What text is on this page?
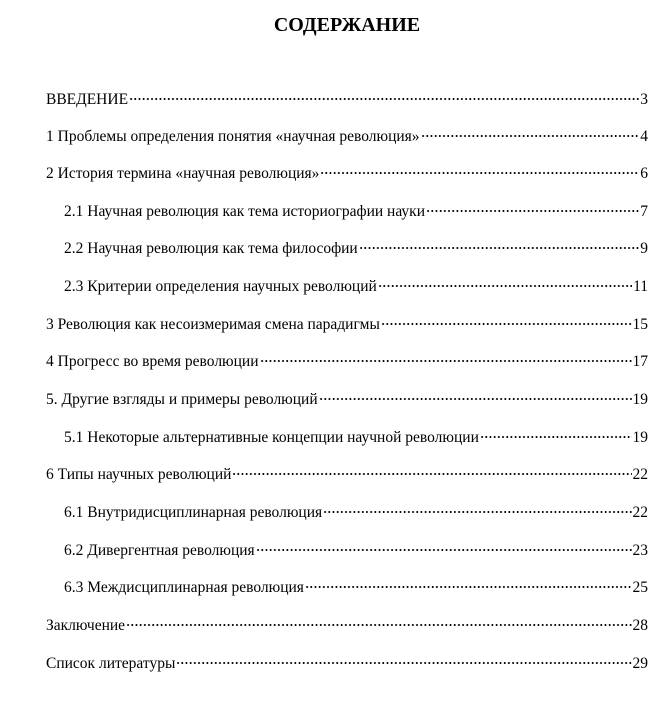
СОДЕРЖАНИЕ
ВВЕДЕНИЕ	3
1 Проблемы определения понятия «научная революция»	4
2 История термина «научная революция»	6
2.1 Научная революция как тема историографии науки	7
2.2 Научная революция как тема философии	9
2.3 Критерии определения научных революций	11
3 Революция как несоизмеримая смена парадигмы	15
4 Прогресс во время революции	17
5. Другие взгляды и примеры революций	19
5.1 Некоторые альтернативные концепции научной революции	19
6 Типы научных революций	22
6.1 Внутридисциплинарная революция	22
6.2 Дивергентная революция	23
6.3 Междисциплинарная революция	25
Заключение	28
Список литературы	29
